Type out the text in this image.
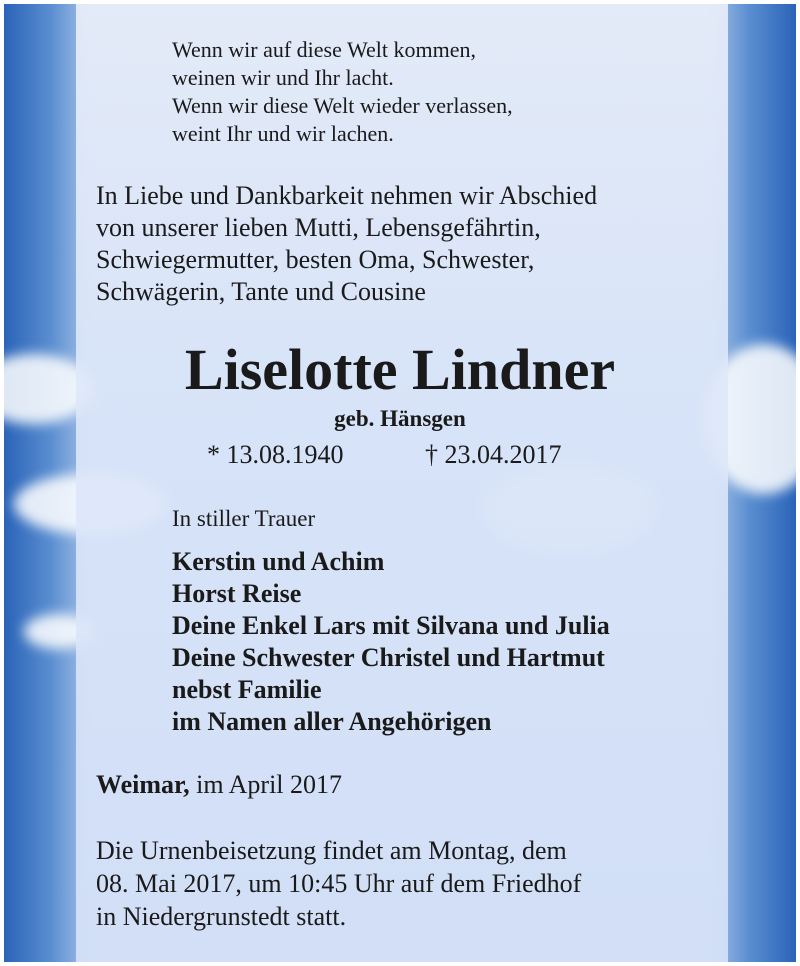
Wenn wir auf diese Welt kommen,
weinen wir und Ihr lacht.
Wenn wir diese Welt wieder verlassen,
weint Ihr und wir lachen.
In Liebe und Dankbarkeit nehmen wir Abschied
von unserer lieben Mutti, Lebensgefährtin,
Schwiegermutter, besten Oma, Schwester,
Schwägerin, Tante und Cousine
Liselotte Lindner
geb. Hänsgen
* 13.08.1940	† 23.04.2017
In stiller Trauer
Kerstin und Achim
Horst Reise
Deine Enkel Lars mit Silvana und Julia
Deine Schwester Christel und Hartmut
nebst Familie
im Namen aller Angehörigen
Weimar, im April 2017
Die Urnenbeisetzung findet am Montag, dem
08. Mai 2017, um 10:45 Uhr auf dem Friedhof
in Niedergrunstedt statt.
